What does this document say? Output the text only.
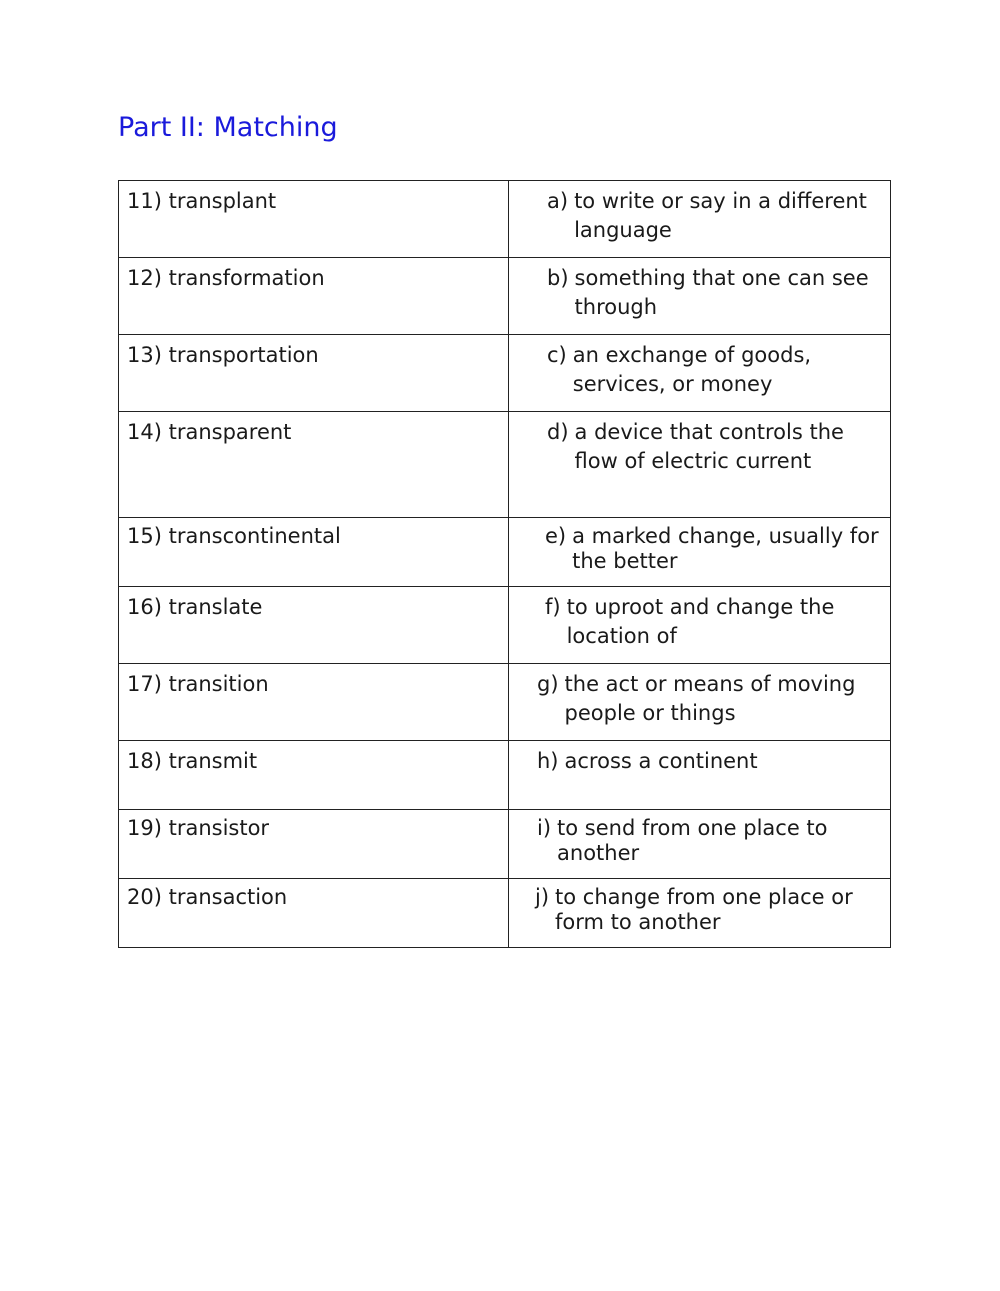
Part II: Matching
11) transplant	a) to write or say in a different language

12) transformation	b) something that one can see through

13) transportation	c) an exchange of goods, services, or money

14) transparent	d) a device that controls the flow of electric current

15) transcontinental	e) a marked change, usually for the better

16) translate	f) to uproot and change the location of

17) transition	g) the act or means of moving people or things

18) transmit	h) across a continent

19) transistor	i) to send from one place to another

20) transaction	j) to change from one place or form to another
